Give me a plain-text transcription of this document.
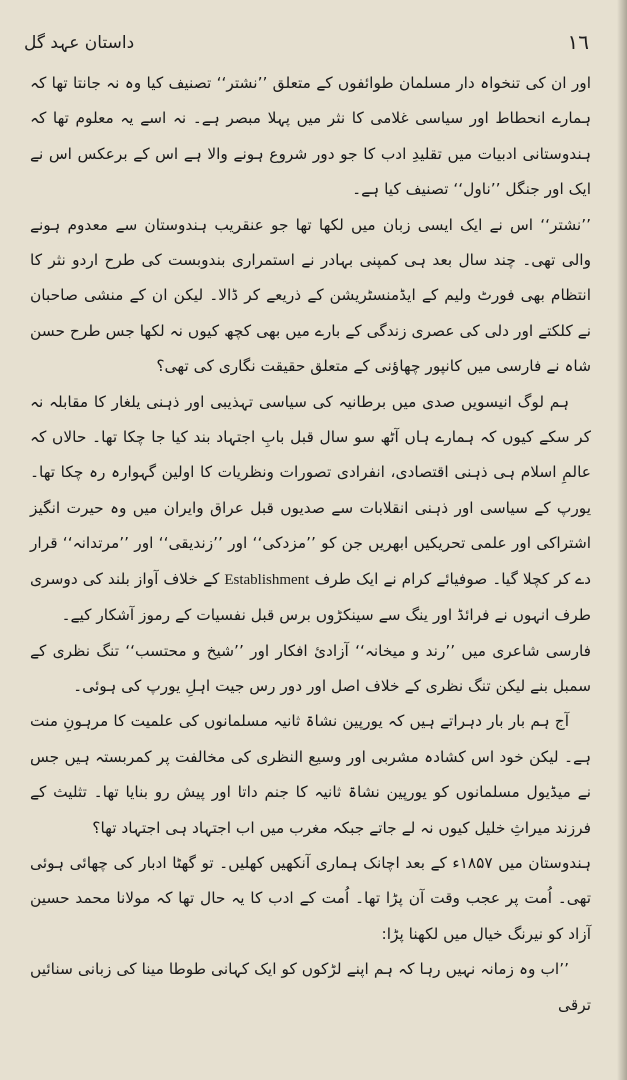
١٦
داستان عہد گل

اور ان کی تنخواہ دار مسلمان طوائفوں کے متعلق ’’نشتر‘‘ تصنیف کیا وہ نہ جانتا تھا کہ ہمارے انحطاط اور سیاسی غلامی کا نثر میں پہلا مبصر ہے۔ نہ اسے یہ معلوم تھا کہ ہندوستانی ادبیات میں تقلیدِ ادب کا جو دور شروع ہونے والا ہے اس کے برعکس اس نے ایک اور جنگل ’’ناول‘‘ تصنیف کیا ہے۔

’’نشتر‘‘ اس نے ایک ایسی زبان میں لکھا تھا جو عنقریب ہندوستان سے معدوم ہونے والی تھی۔ چند سال بعد ہی کمپنی بہادر نے استمراری بندوبست کی طرح اردو نثر کا انتظام بھی فورٹ ولیم کے ایڈمنسٹریشن کے ذریعے کر ڈالا۔ لیکن ان کے منشی صاحبان نے کلکتے اور دلی کی عصری زندگی کے بارے میں بھی کچھ کیوں نہ لکھا جس طرح حسن شاہ نے فارسی میں کانپور چھاؤنی کے متعلق حقیقت نگاری کی تھی؟

ہم لوگ انیسویں صدی میں برطانیہ کی سیاسی تہذیبی اور ذہنی یلغار کا مقابلہ نہ کر سکے کیوں کہ ہمارے ہاں آٹھ سو سال قبل بابِ اجتہاد بند کیا جا چکا تھا۔ حالاں کہ عالمِ اسلام ہی ذہنی اقتصادی، انفرادی تصورات ونظریات کا اولین گہوارہ رہ چکا تھا۔ یورپ کے سیاسی اور ذہنی انقلابات سے صدیوں قبل عراق وایران میں وہ حیرت انگیز اشتراکی اور علمی تحریکیں ابھریں جن کو ’’مزدکی‘‘ اور ’’زندیقی‘‘ اور ’’مرتدانہ‘‘ قرار دے کر کچلا گیا۔ صوفیائے کرام نے ایک طرف Establishment کے خلاف آواز بلند کی دوسری طرف انہوں نے فرائڈ اور ینگ سے سینکڑوں برس قبل نفسیات کے رموز آشکار کیے۔

فارسی شاعری میں ’’رند و میخانہ‘‘ آزادیٔ افکار اور ’’شیخ و محتسب‘‘ تنگ نظری کے سمبل بنے لیکن تنگ نظری کے خلاف اصل اور دور رس جیت اہلِ یورپ کی ہوئی۔

آج ہم بار بار دہراتے ہیں کہ یورپین نشاۃ ثانیہ مسلمانوں کی علمیت کا مرہونِ منت ہے۔ لیکن خود اس کشادہ مشربی اور وسیع النظری کی مخالفت پر کمربستہ ہیں جس نے میڈیول مسلمانوں کو یورپین نشاۃ ثانیہ کا جنم داتا اور پیش رو بنایا تھا۔ تثلیث کے فرزند میراثِ خلیل کیوں نہ لے جاتے جبکہ مغرب میں اب اجتہاد ہی اجتہاد تھا؟

ہندوستان میں ۱۸۵۷ء کے بعد اچانک ہماری آنکھیں کھلیں۔ تو گھٹا ادبار کی چھائی ہوئی تھی۔ اُمت پر عجب وقت آن پڑا تھا۔ اُمت کے ادب کا یہ حال تھا کہ مولانا محمد حسین آزاد کو نیرنگ خیال میں لکھنا پڑا:

’’اب وہ زمانہ نہیں رہا کہ ہم اپنے لڑکوں کو ایک کہانی طوطا مینا کی زبانی سنائیں ترقی
